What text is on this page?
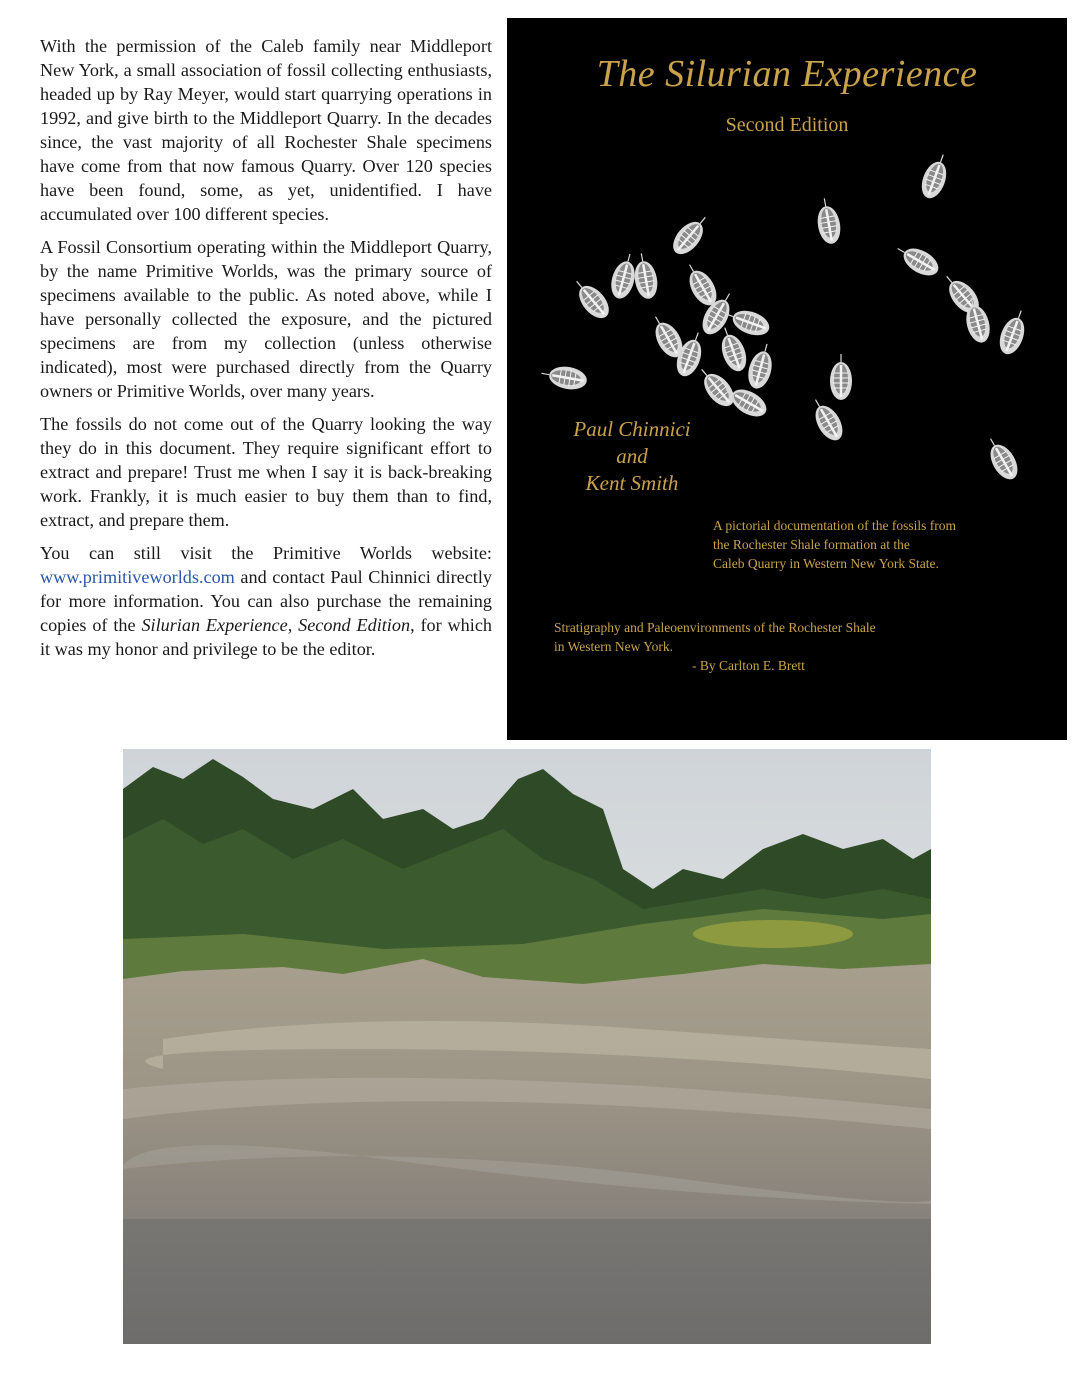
With the permission of the Caleb family near Middleport New York, a small association of fossil collecting enthusiasts, headed up by Ray Meyer, would start quarrying operations in 1992, and give birth to the Middleport Quarry. In the decades since, the vast majority of all Rochester Shale specimens have come from that now famous Quarry. Over 120 species have been found, some, as yet, unidentified. I have accumulated over 100 different species.

A Fossil Consortium operating within the Middleport Quarry, by the name Primitive Worlds, was the primary source of specimens available to the public. As noted above, while I have personally collected the exposure, and the pictured specimens are from my collection (unless otherwise indicated), most were purchased directly from the Quarry owners or Primitive Worlds, over many years.

The fossils do not come out of the Quarry looking the way they do in this document. They require significant effort to extract and prepare! Trust me when I say it is back-breaking work. Frankly, it is much easier to buy them than to find, extract, and prepare them.

You can still visit the Primitive Worlds website: www.primitiveworlds.com and contact Paul Chinnici directly for more information. You can also purchase the remaining copies of the Silurian Experience, Second Edition, for which it was my honor and privilege to be the editor.

The Silurian Experience
Second Edition
Paul Chinnici
and
Kent Smith
A pictorial documentation of the fossils from
the Rochester Shale formation at the
Caleb Quarry in Western New York State.
Stratigraphy and Paleoenvironments of the Rochester Shale
in Western New York.
- By Carlton E. Brett
